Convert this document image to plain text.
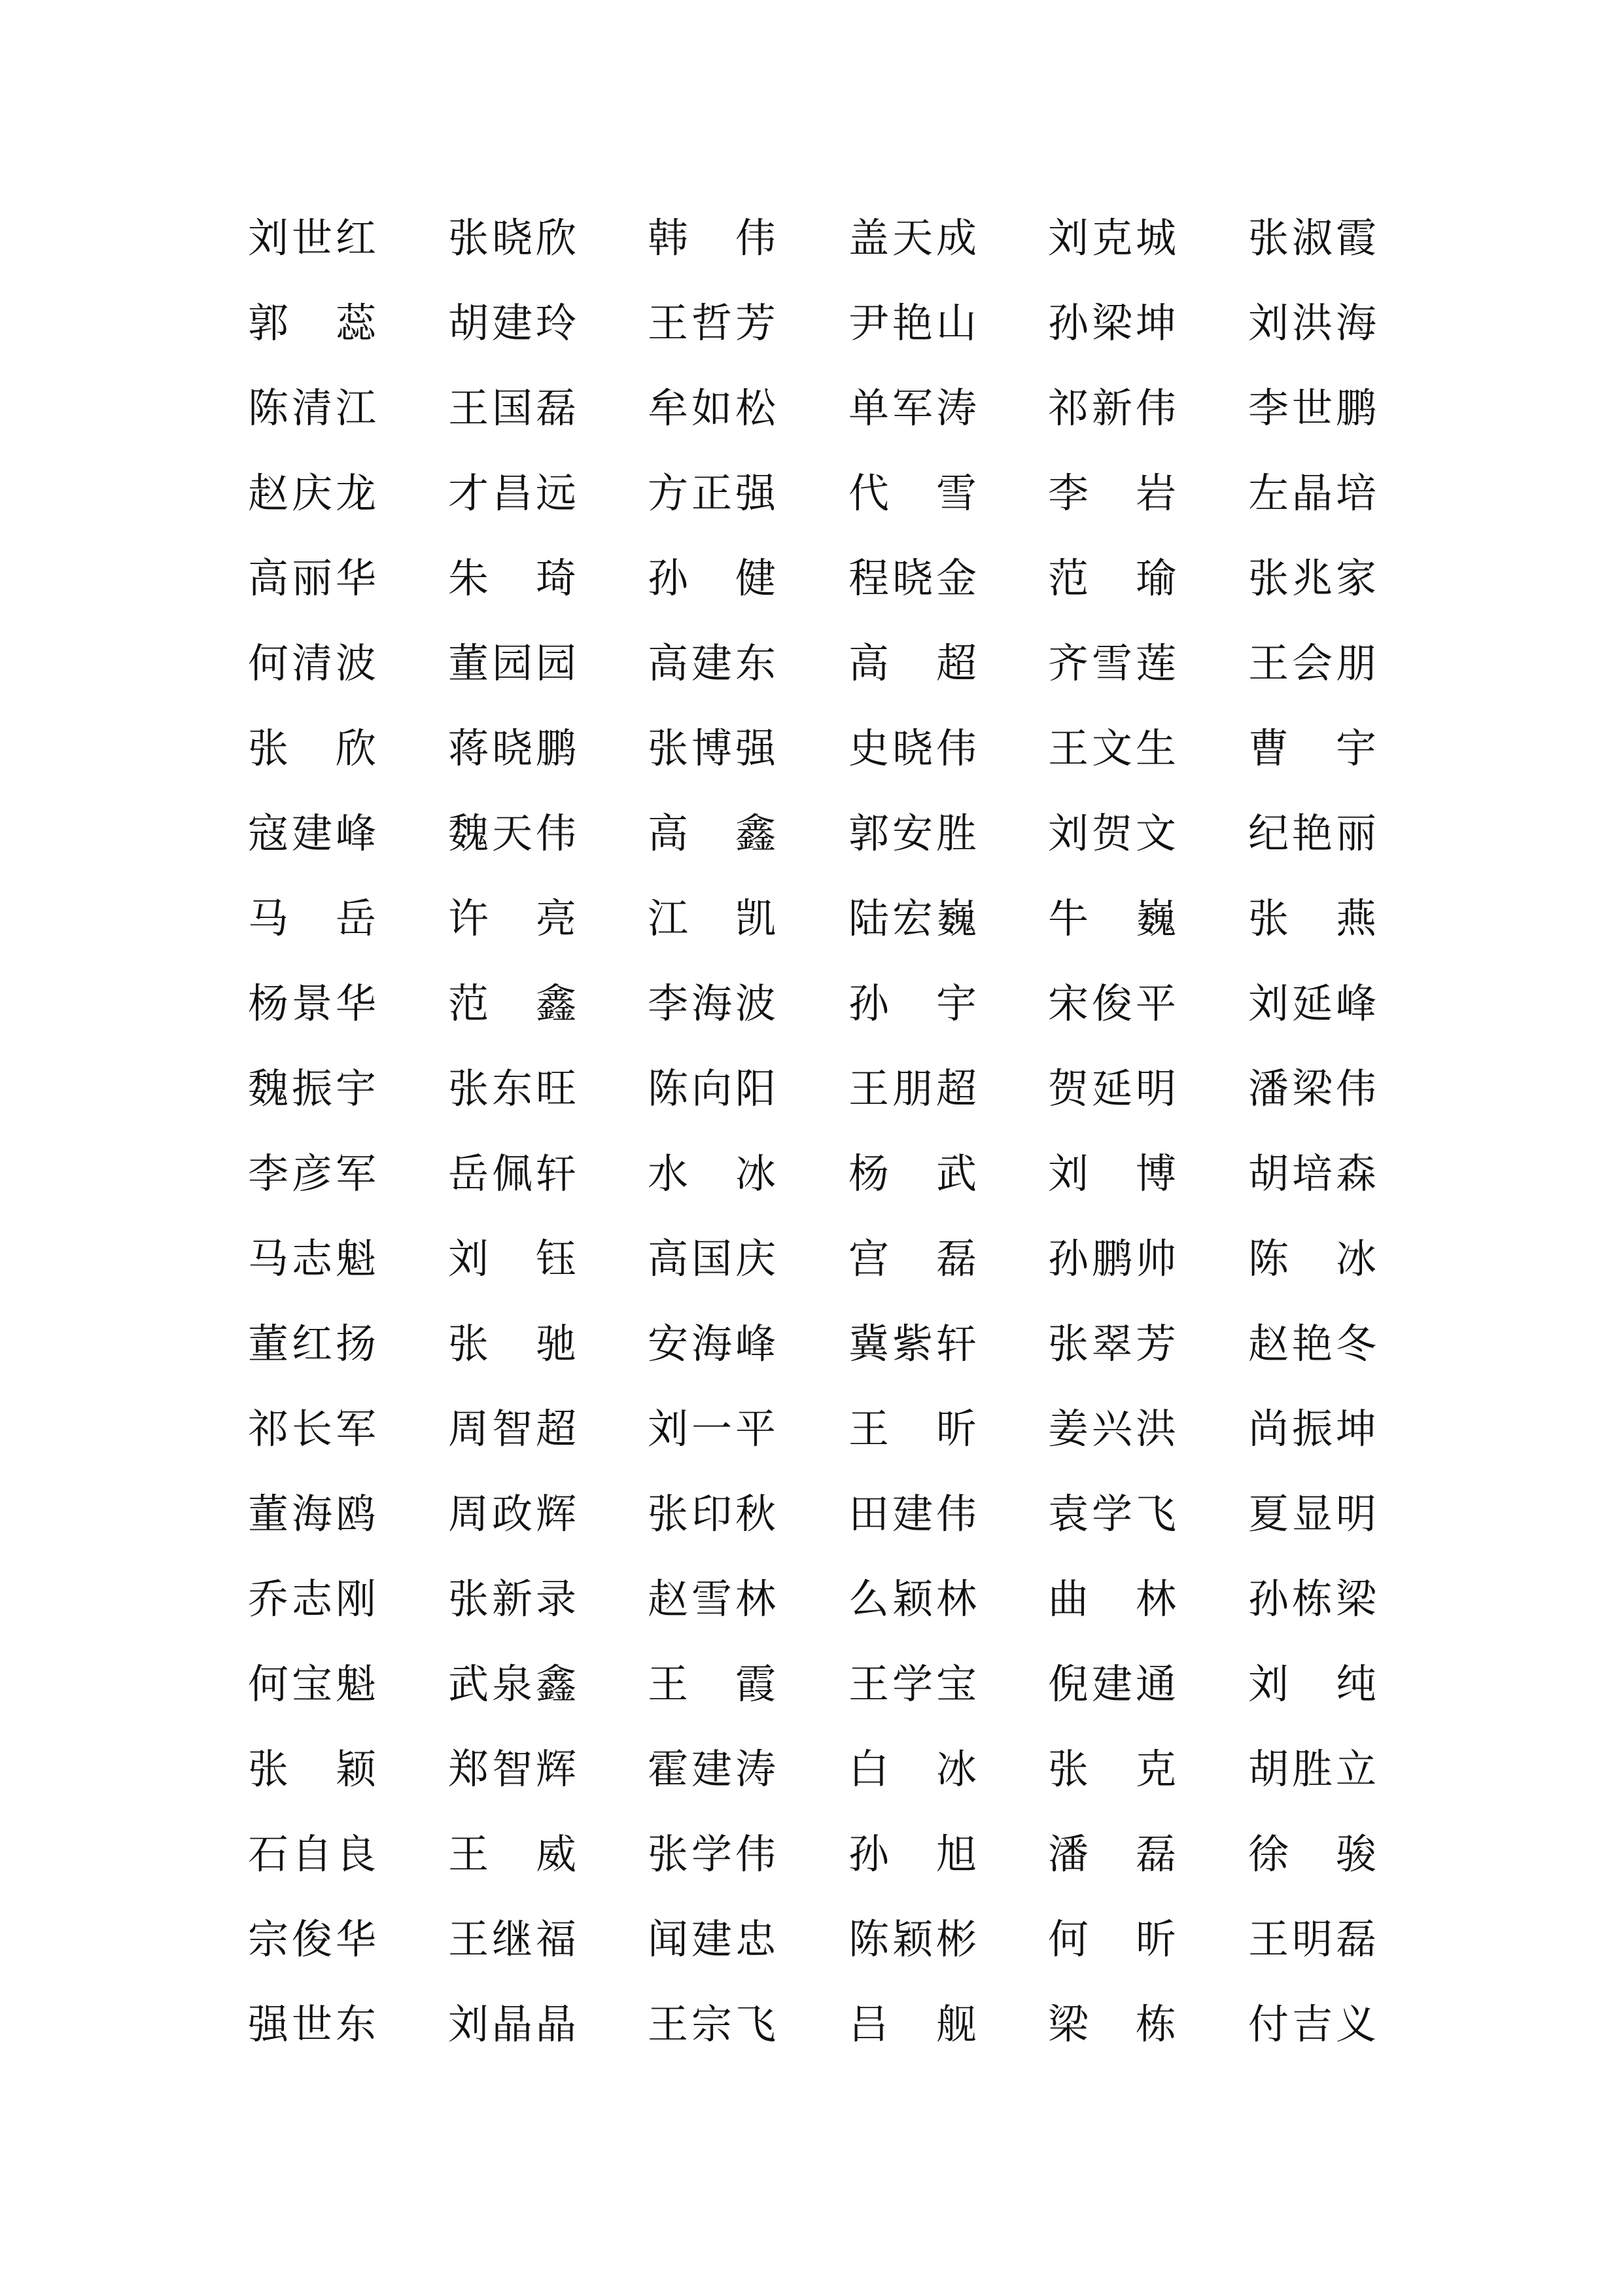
刘 世 红 张 晓 欣 韩 伟 盖 天 成 刘 克 城 张 淑 霞
郭 蕊 胡 建 玲 王 哲 芳 尹 艳 山 孙 梁 坤 刘 洪 海
陈 清 江 王 国 磊 牟 如 松 单 军 涛 祁 新 伟 李 世 鹏
赵 庆 龙 才 昌 远 方 正 强 代 雪 李 岩 左 晶 培
高 丽 华 朱 琦 孙 健 程 晓 金 范 瑜 张 兆 家
何 清 波 董 园 园 高 建 东 高 超 齐 雪 莲 王 会 朋
张 欣 蒋 晓 鹏 张 博 强 史 晓 伟 王 文 生 曹 宇
寇 建 峰 魏 天 伟 高 鑫 郭 安 胜 刘 贺 文 纪 艳 丽
马 岳 许 亮 江 凯 陆 宏 巍 牛 巍 张 燕
杨 景 华 范 鑫 李 海 波 孙 宇 宋 俊 平 刘 延 峰
魏 振 宇 张 东 旺 陈 向 阳 王 朋 超 贺 延 明 潘 梁 伟
李 彦 军 岳 佩 轩 水 冰 杨 武 刘 博 胡 培 森
马 志 魁 刘 钰 高 国 庆 宫 磊 孙 鹏 帅 陈 冰
董 红 扬 张 驰 安 海 峰 冀 紫 轩 张 翠 芳 赵 艳 冬
祁 长 军 周 智 超 刘 一 平 王 昕 姜 兴 洪 尚 振 坤
董 海 鸥 周 政 辉 张 印 秋 田 建 伟 袁 学 飞 夏 显 明
乔 志 刚 张 新 录 赵 雪 林 么 颖 林 曲 林 孙 栋 梁
何 宝 魁 武 泉 鑫 王 霞 王 学 宝 倪 建 通 刘 纯
张 颖 郑 智 辉 霍 建 涛 白 冰 张 克 胡 胜 立
石 自 良 王 威 张 学 伟 孙 旭 潘 磊 徐 骏
宗 俊 华 王 继 福 闻 建 忠 陈 颖 彬 何 昕 王 明 磊
强 世 东 刘 晶 晶 王 宗 飞 吕 舰 梁 栋 付 吉 义
